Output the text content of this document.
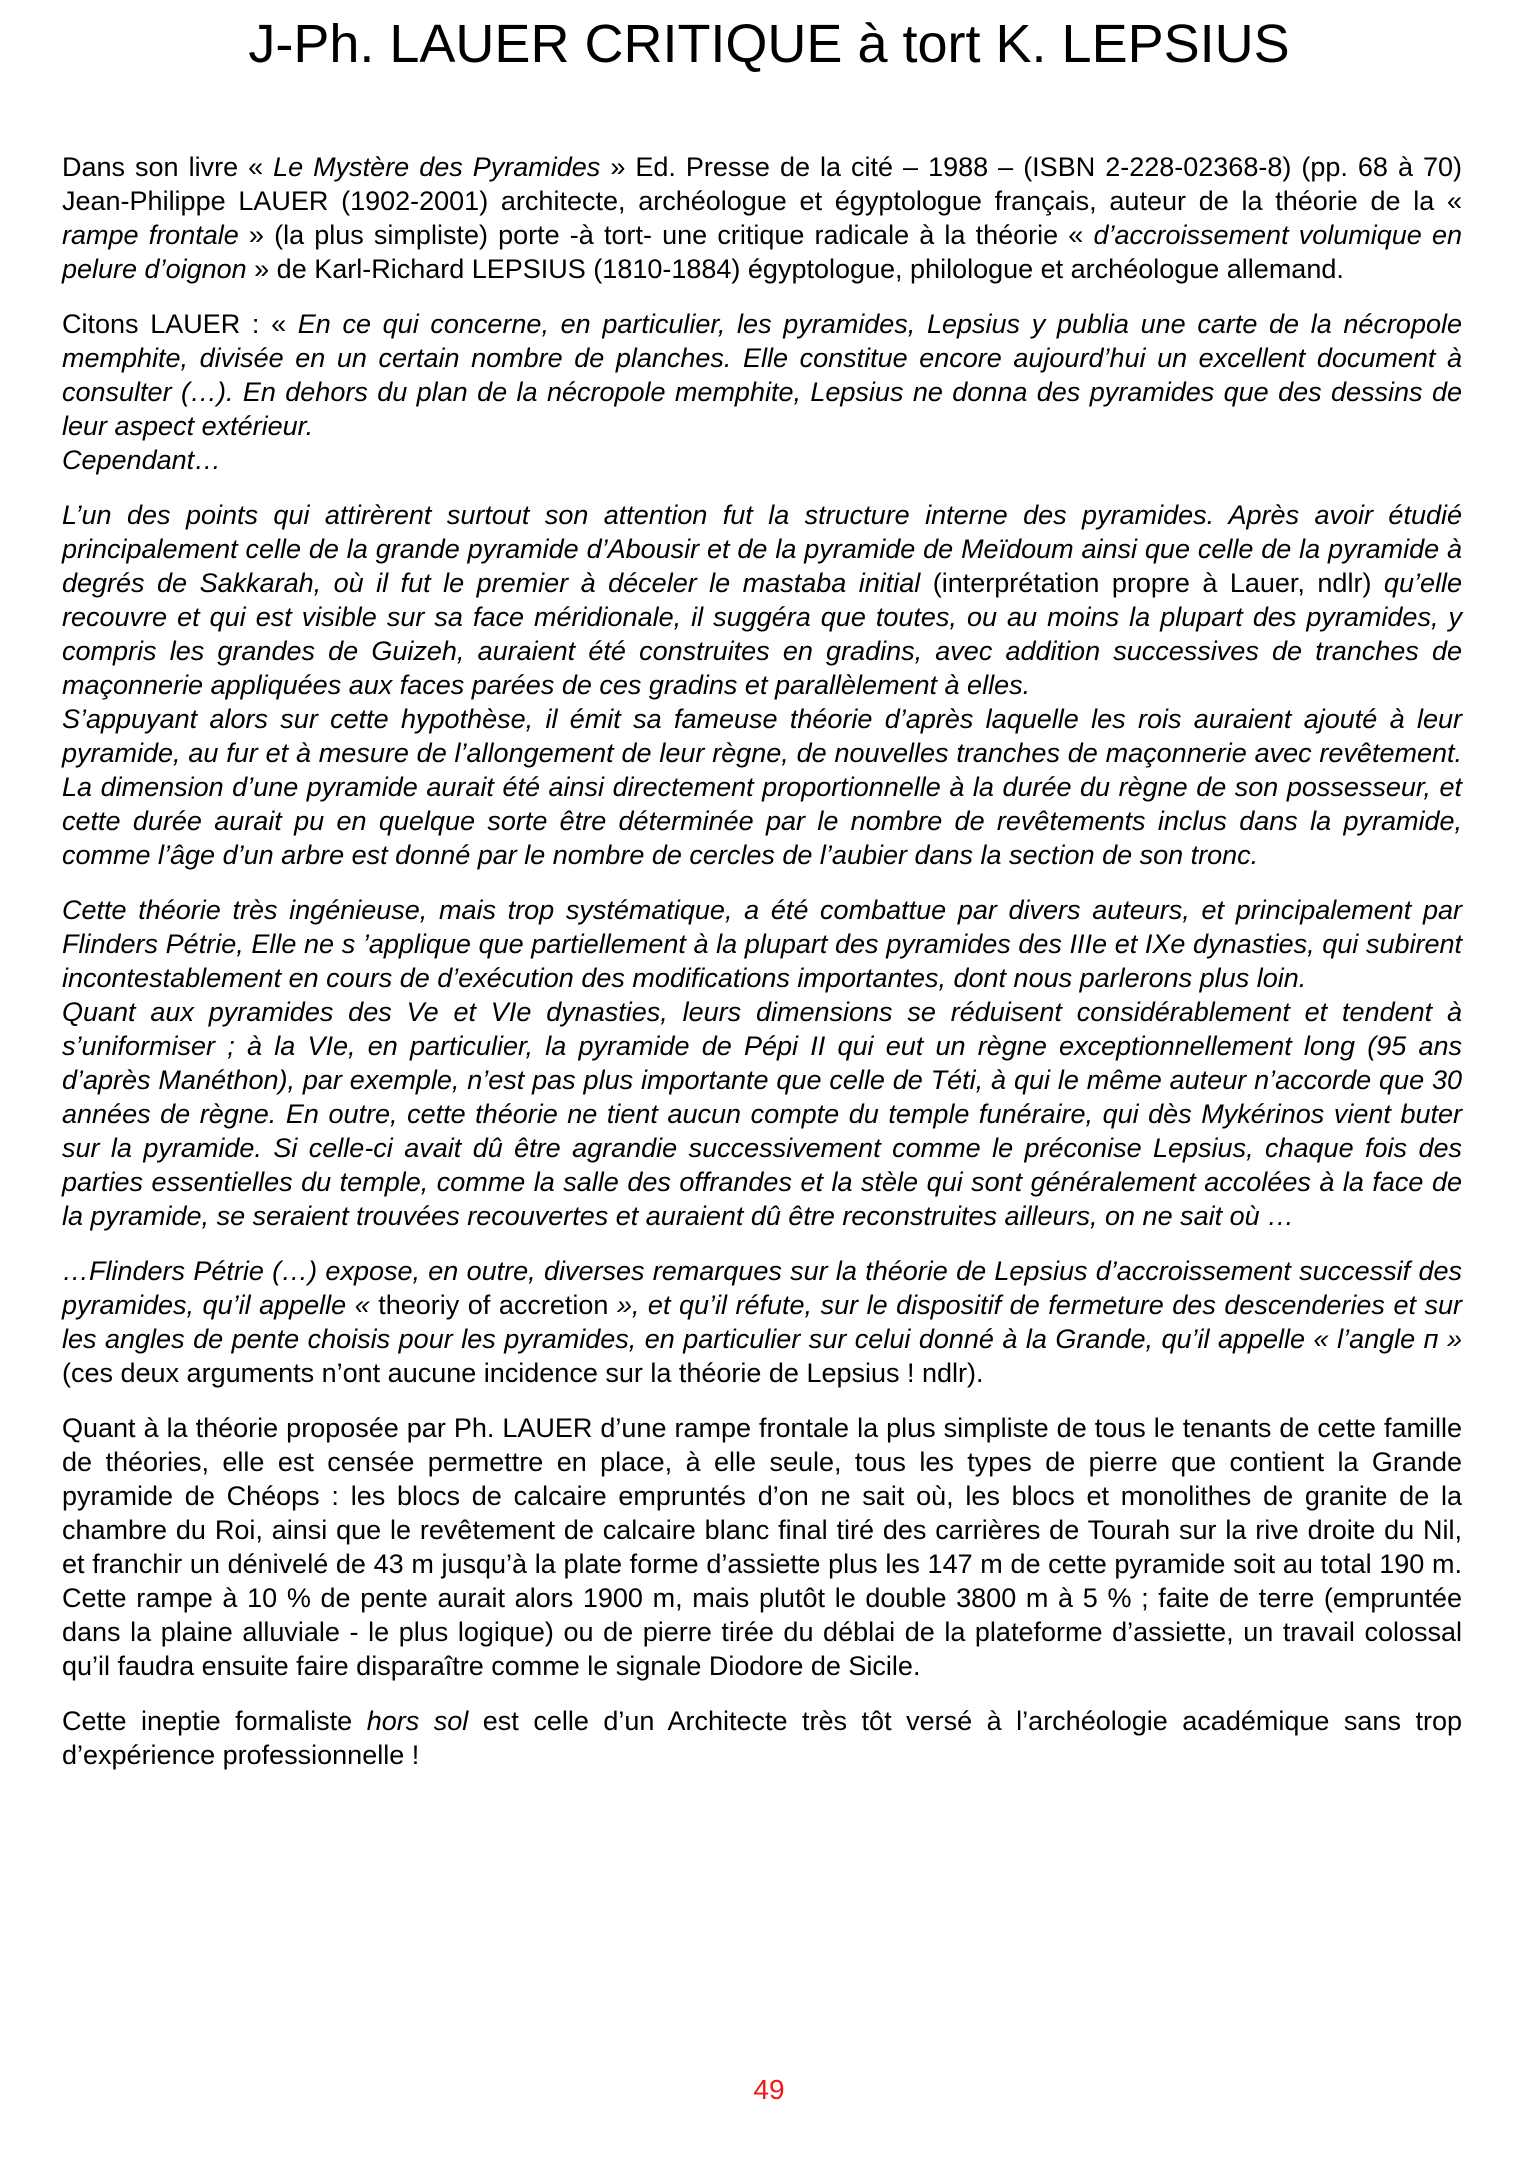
J-Ph. LAUER CRITIQUE à tort K. LEPSIUS

Dans son livre « Le Mystère des Pyramides » Ed. Presse de la cité – 1988 – (ISBN 2-228-02368-8) (pp. 68 à 70) Jean-Philippe LAUER (1902-2001) architecte, archéologue et égyptologue français, auteur de la théorie de la « rampe frontale » (la plus simpliste) porte -à tort- une critique radicale à la théorie « d’accroissement volumique en pelure d’oignon » de Karl-Richard LEPSIUS (1810-1884) égyptologue, philologue et archéologue allemand.

Citons LAUER : « En ce qui concerne, en particulier, les pyramides, Lepsius y publia une carte de la nécropole memphite, divisée en un certain nombre de planches. Elle constitue encore aujourd’hui un excellent document à consulter (…). En dehors du plan de la nécropole memphite, Lepsius ne donna des pyramides que des dessins de leur aspect extérieur.

Cependant…

L’un des points qui attirèrent surtout son attention fut la structure interne des pyramides. Après avoir étudié principalement celle de la grande pyramide d’Abousir et de la pyramide de Meïdoum ainsi que celle de la pyramide à degrés de Sakkarah, où il fut le premier à déceler le mastaba initial (interprétation propre à Lauer, ndlr) qu’elle recouvre et qui est visible sur sa face méridionale, il suggéra que toutes, ou au moins la plupart des pyramides, y compris les grandes de Guizeh, auraient été construites en gradins, avec addition successives de tranches de maçonnerie appliquées aux faces parées de ces gradins et parallèlement à elles.

S’appuyant alors sur cette hypothèse, il émit sa fameuse théorie d’après laquelle les rois auraient ajouté à leur pyramide, au fur et à mesure de l’allongement de leur règne, de nouvelles tranches de maçonnerie avec revêtement. La dimension d’une pyramide aurait été ainsi directement proportionnelle à la durée du règne de son possesseur, et cette durée aurait pu en quelque sorte être déterminée par le nombre de revêtements inclus dans la pyramide, comme l’âge d’un arbre est donné par le nombre de cercles de l’aubier dans la section de son tronc.

Cette théorie très ingénieuse, mais trop systématique, a été combattue par divers auteurs, et principalement par Flinders Pétrie, Elle ne s ’applique que partiellement à la plupart des pyramides des IIIe et IXe dynasties, qui subirent incontestablement en cours de d’exécution des modifications importantes, dont nous parlerons plus loin.

Quant aux pyramides des Ve et VIe dynasties, leurs dimensions se réduisent considérablement et tendent à s’uniformiser ; à la VIe, en particulier, la pyramide de Pépi II qui eut un règne exceptionnellement long (95 ans d’après Manéthon), par exemple, n’est pas plus importante que celle de Téti, à qui le même auteur n’accorde que 30 années de règne. En outre, cette théorie ne tient aucun compte du temple funéraire, qui dès Mykérinos vient buter sur la pyramide. Si celle-ci avait dû être agrandie successivement comme le préconise Lepsius, chaque fois des parties essentielles du temple, comme la salle des offrandes et la stèle qui sont généralement accolées à la face de la pyramide, se seraient trouvées recouvertes et auraient dû être reconstruites ailleurs, on ne sait où …

…Flinders Pétrie (…) expose, en outre, diverses remarques sur la théorie de Lepsius d’accroissement successif des pyramides, qu’il appelle « theoriy of accretion », et qu’il réfute, sur le dispositif de fermeture des descenderies et sur les angles de pente choisis pour les pyramides, en particulier sur celui donné à la Grande, qu’il appelle « l’angle п » (ces deux arguments n’ont aucune incidence sur la théorie de Lepsius ! ndlr).

Quant à la théorie proposée par Ph. LAUER d’une rampe frontale la plus simpliste de tous le tenants de cette famille de théories, elle est censée permettre en place, à elle seule, tous les types de pierre que contient la Grande pyramide de Chéops : les blocs de calcaire empruntés d’on ne sait où, les blocs et monolithes de granite de la chambre du Roi, ainsi que le revêtement de calcaire blanc final tiré des carrières de Tourah sur la rive droite du Nil, et franchir un dénivelé de 43 m jusqu’à la plate forme d’assiette plus les 147 m de cette pyramide soit au total 190 m. Cette rampe à 10 % de pente aurait alors 1900 m, mais plutôt le double 3800 m à 5 % ; faite de terre (empruntée dans la plaine alluviale - le plus logique) ou de pierre tirée du déblai de la plateforme d’assiette, un travail colossal qu’il faudra ensuite faire disparaître comme le signale Diodore de Sicile.

Cette ineptie formaliste hors sol est celle d’un Architecte très tôt versé à l’archéologie académique sans trop d’expérience professionnelle !

49
